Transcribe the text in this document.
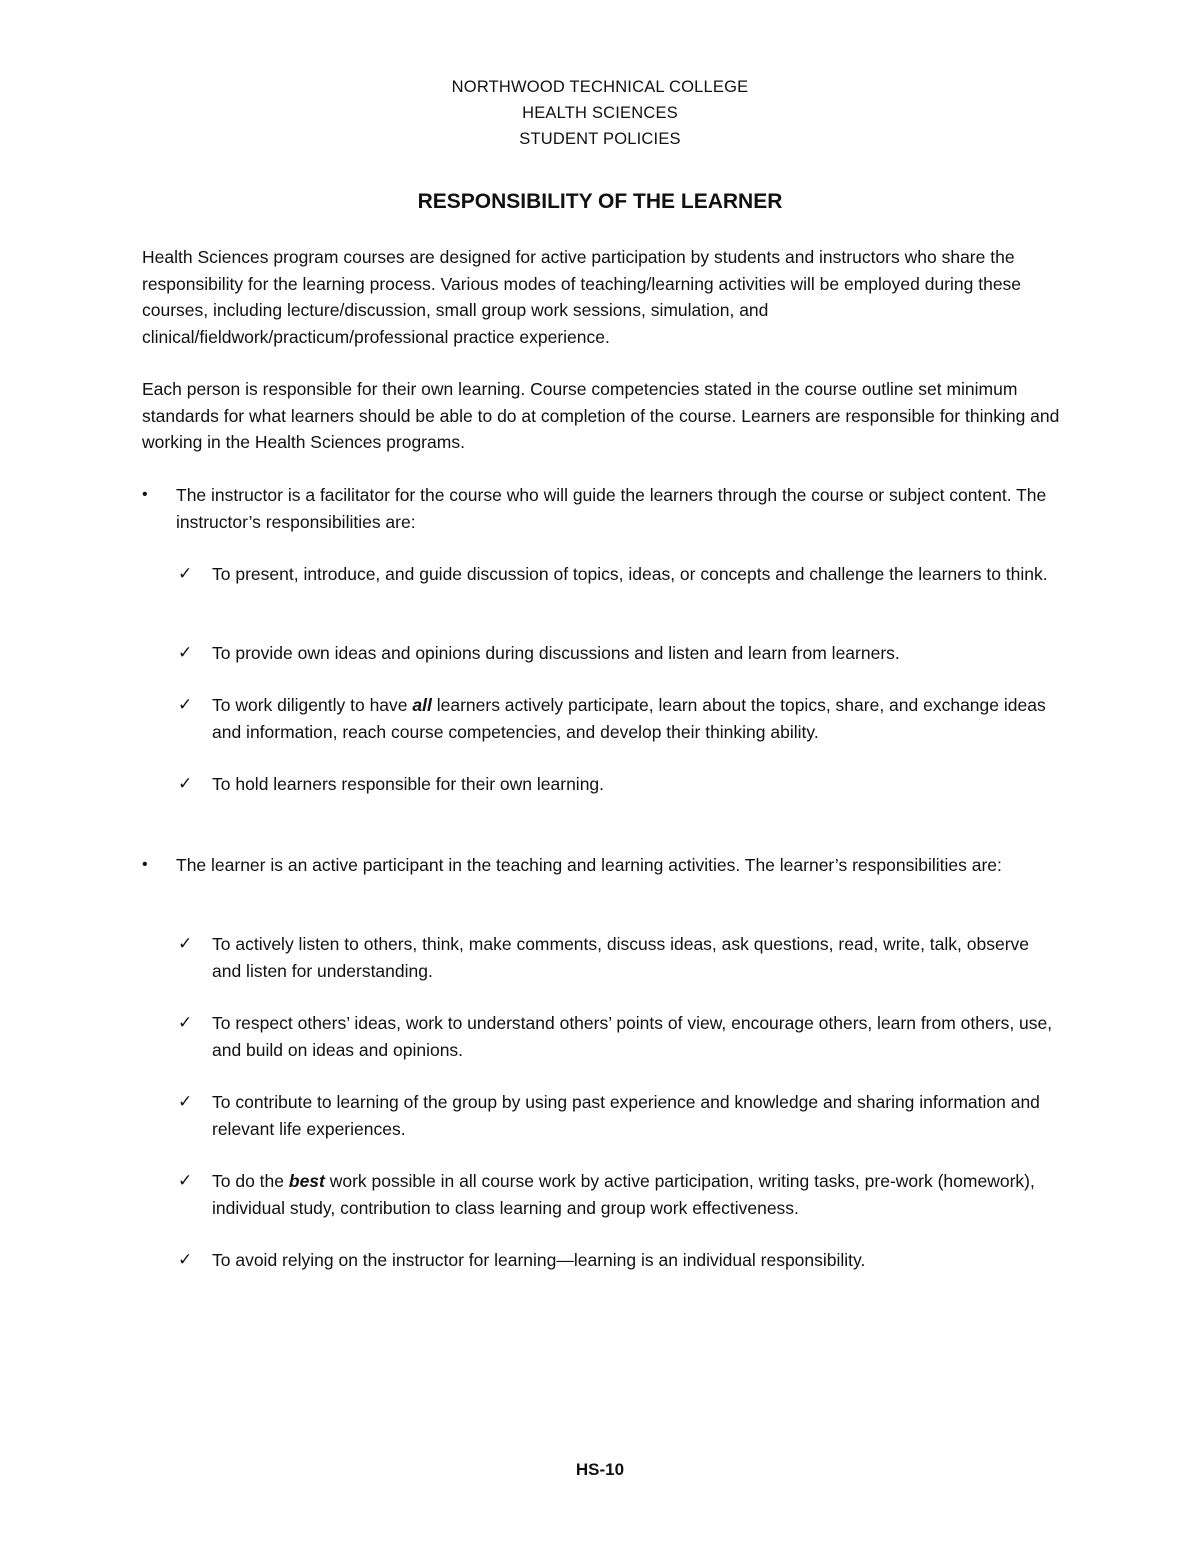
NORTHWOOD TECHNICAL COLLEGE
HEALTH SCIENCES
STUDENT POLICIES
RESPONSIBILITY OF THE LEARNER

Health Sciences program courses are designed for active participation by students and instructors who share the responsibility for the learning process. Various modes of teaching/learning activities will be employed during these courses, including lecture/discussion, small group work sessions, simulation, and clinical/fieldwork/practicum/professional practice experience.

Each person is responsible for their own learning. Course competencies stated in the course outline set minimum standards for what learners should be able to do at completion of the course. Learners are responsible for thinking and working in the Health Sciences programs.

•	The instructor is a facilitator for the course who will guide the learners through the course or subject content. The instructor’s responsibilities are:
✓ To present, introduce, and guide discussion of topics, ideas, or concepts and challenge the learners to think.
✓ To provide own ideas and opinions during discussions and listen and learn from learners.
✓ To work diligently to have all learners actively participate, learn about the topics, share, and exchange ideas and information, reach course competencies, and develop their thinking ability.
✓ To hold learners responsible for their own learning.
•	The learner is an active participant in the teaching and learning activities. The learner’s responsibilities are:
✓ To actively listen to others, think, make comments, discuss ideas, ask questions, read, write, talk, observe and listen for understanding.
✓ To respect others’ ideas, work to understand others’ points of view, encourage others, learn from others, use, and build on ideas and opinions.
✓ To contribute to learning of the group by using past experience and knowledge and sharing information and relevant life experiences.
✓ To do the best work possible in all course work by active participation, writing tasks, pre-work (homework), individual study, contribution to class learning and group work effectiveness.
✓ To avoid relying on the instructor for learning—learning is an individual responsibility.
HS-10
